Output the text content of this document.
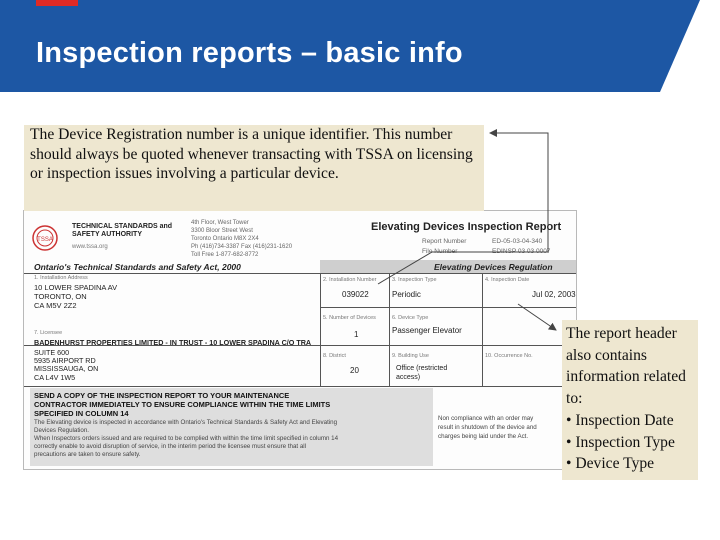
Inspection reports – basic info
TSSA
TECHNICAL STANDARDS and
SAFETY AUTHORITY
www.tssa.org
4th Floor, West Tower
3300 Bloor Street West
Toronto Ontario M8X 2X4
Ph (416)734-3387 Fax (416)231-1620
Toll Free 1-877-682-8772
Elevating Devices Inspection Report
Report Number	ED-05-03-04-340
File Number	EDINSP 03 03 0007
Ontario's Technical Standards and Safety Act, 2000	Elevating Devices Regulation
1. Installation Address
10 LOWER SPADINA AV
TORONTO, ON
CA M5V 2Z2
2. Installation Number
039022
3. Inspection Type
Periodic
4. Inspection Date
Jul 02, 2003
5. Number of Devices
1
6. Device Type
Passenger Elevator
7. Licensee
BADENHURST PROPERTIES LIMITED - IN TRUST - 10 LOWER SPADINA C/O TRA
SUITE 600
5935 AIRPORT RD
MISSISSAUGA, ON
CA L4V 1W5
8. District
20
9. Building Use
Office (restricted
access)
10. Occurrence No.
SEND A COPY OF THE INSPECTION REPORT TO YOUR MAINTENANCE
CONTRACTOR IMMEDIATELY TO ENSURE COMPLIANCE WITHIN THE TIME LIMITS
SPECIFIED IN COLUMN 14
The Elevating device is inspected in accordance with Ontario's Technical Standards & Safety Act and Elevating
Devices Regulation.
When Inspectors orders issued and are required to be complied with within the time limit specified in column 14
correctly enable to avoid disruption of service, in the interim period the licensee must ensure that all
precautions are taken to ensure safety.
Non compliance with an order may
result in shutdown of the device and
charges being laid under the Act.
The Device Registration number is a unique identifier. This number should always be quoted whenever transacting with TSSA on licensing or inspection issues involving a particular device.
The report header also contains information related to:
• Inspection Date
• Inspection Type
• Device Type
